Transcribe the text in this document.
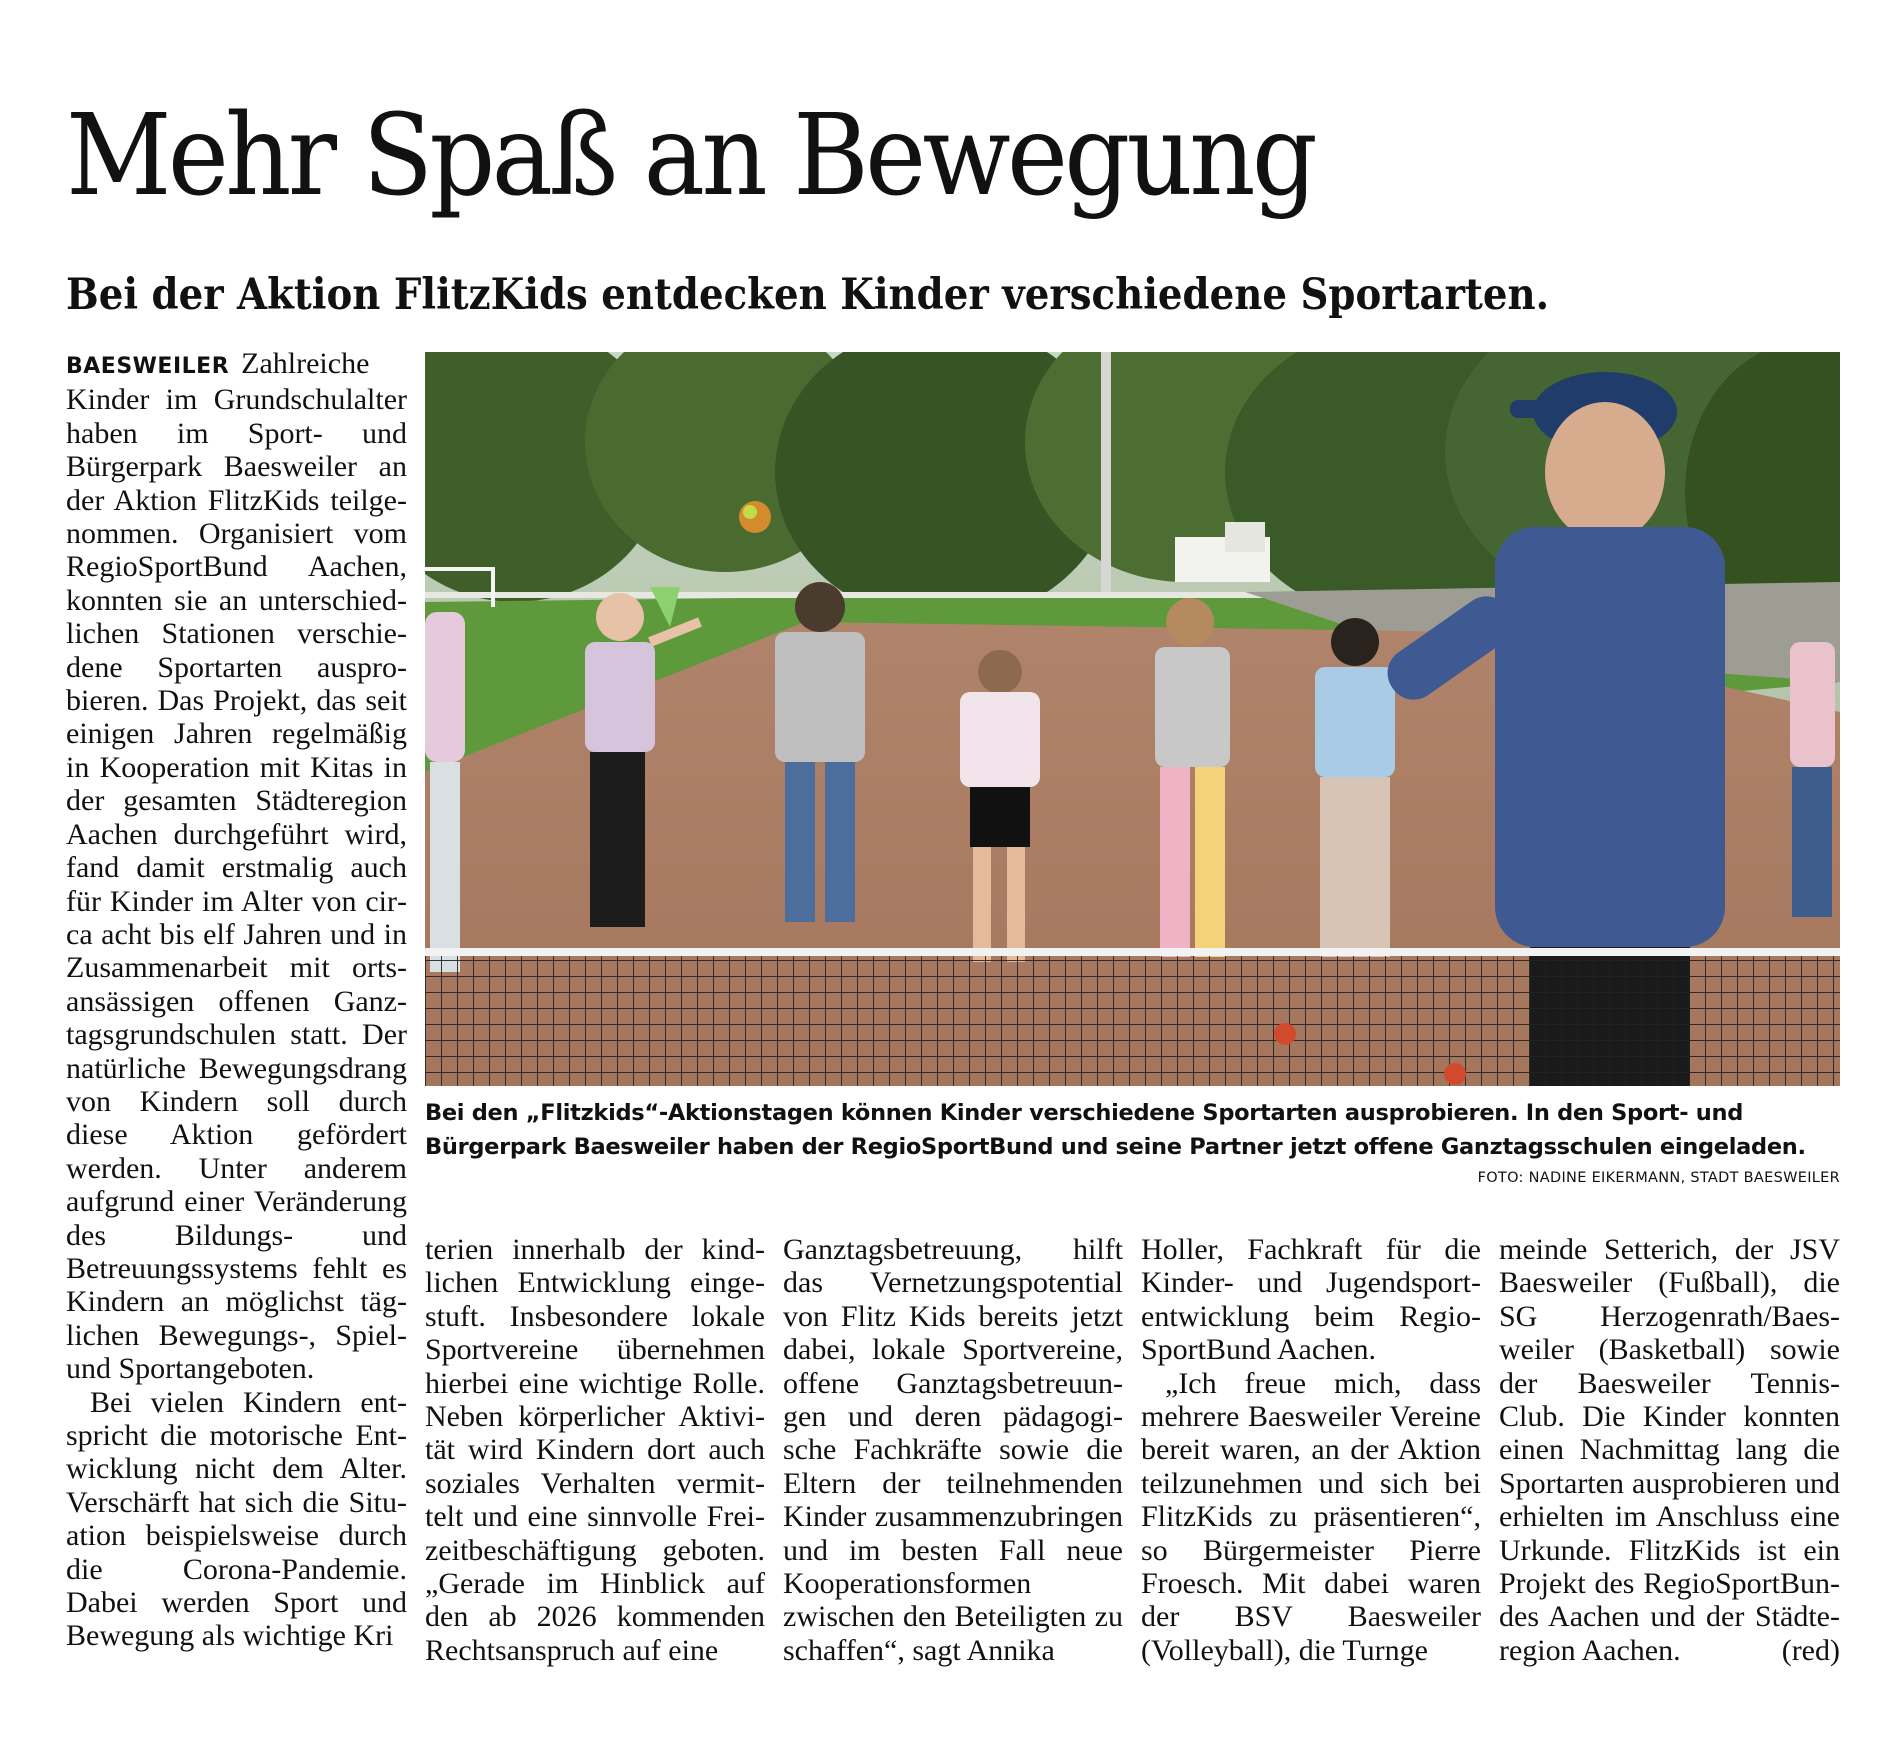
Mehr Spaß an Bewegung
Bei der Aktion FlitzKids entdecken Kinder verschiedene Sportarten.

BAESWEILER Zahlreiche Kinder im Grundschulalter haben im Sport- und Bürgerpark Baesweiler an der Aktion FlitzKids teilgenommen. Organisiert vom RegioSportBund Aachen, konnten sie an unterschiedlichen Stationen verschiedene Sportarten ausprobieren. Das Projekt, das seit einigen Jahren regelmäßig in Kooperation mit Kitas in der gesamten Städteregion Aachen durchgeführt wird, fand damit erstmalig auch für Kinder im Alter von circa acht bis elf Jahren und in Zusammenarbeit mit ortsansässigen offenen Ganztagsgrundschulen statt. Der natürliche Bewegungsdrang von Kindern soll durch diese Aktion gefördert werden. Unter anderem aufgrund einer Veränderung des Bildungs- und Betreuungssystems fehlt es Kindern an möglichst täglichen Bewegungs-, Spiel- und Sportangeboten.

Bei vielen Kindern entspricht die motorische Entwicklung nicht dem Alter. Verschärft hat sich die Situation beispielsweise durch die Corona-Pandemie. Dabei werden Sport und Bewegung als wichtige Kri

Bei den „Flitzkids“-Aktionstagen können Kinder verschiedene Sportarten ausprobieren. In den Sport- und Bürgerpark Baesweiler haben der RegioSportBund und seine Partner jetzt offene Ganztagsschulen eingeladen.

FOTO: NADINE EIKERMANN, STADT BAESWEILER

terien innerhalb der kindlichen Entwicklung eingestuft. Insbesondere lokale Sportvereine übernehmen hierbei eine wichtige Rolle. Neben körperlicher Aktivität wird Kindern dort auch soziales Verhalten vermittelt und eine sinnvolle Freizeitbeschäftigung geboten. „Gerade im Hinblick auf den ab 2026 kommenden Rechtsanspruch auf eine

Ganztagsbetreuung, hilft das Vernetzungspotential von Flitz Kids bereits jetzt dabei, lokale Sportvereine, offene Ganztagsbetreuungen und deren pädagogische Fachkräfte sowie die Eltern der teilnehmenden Kinder zusammenzubringen und im besten Fall neue Kooperationsformen zwischen den Beteiligten zu schaffen“, sagt Annika

Holler, Fachkraft für die Kinder- und Jugendsportentwicklung beim RegioSportBund Aachen.

„Ich freue mich, dass mehrere Baesweiler Vereine bereit waren, an der Aktion teilzunehmen und sich bei FlitzKids zu präsentieren“, so Bürgermeister Pierre Froesch. Mit dabei waren der BSV Baesweiler (Volleyball), die Turnge

meinde Setterich, der JSV Baesweiler (Fußball), die SG Herzogenrath/Baesweiler (Basketball) sowie der Baesweiler Tennis-Club. Die Kinder konnten einen Nachmittag lang die Sportarten ausprobieren und erhielten im Anschluss eine Urkunde. FlitzKids ist ein Projekt des RegioSportBundes Aachen und der Städteregion Aachen.	(red)
